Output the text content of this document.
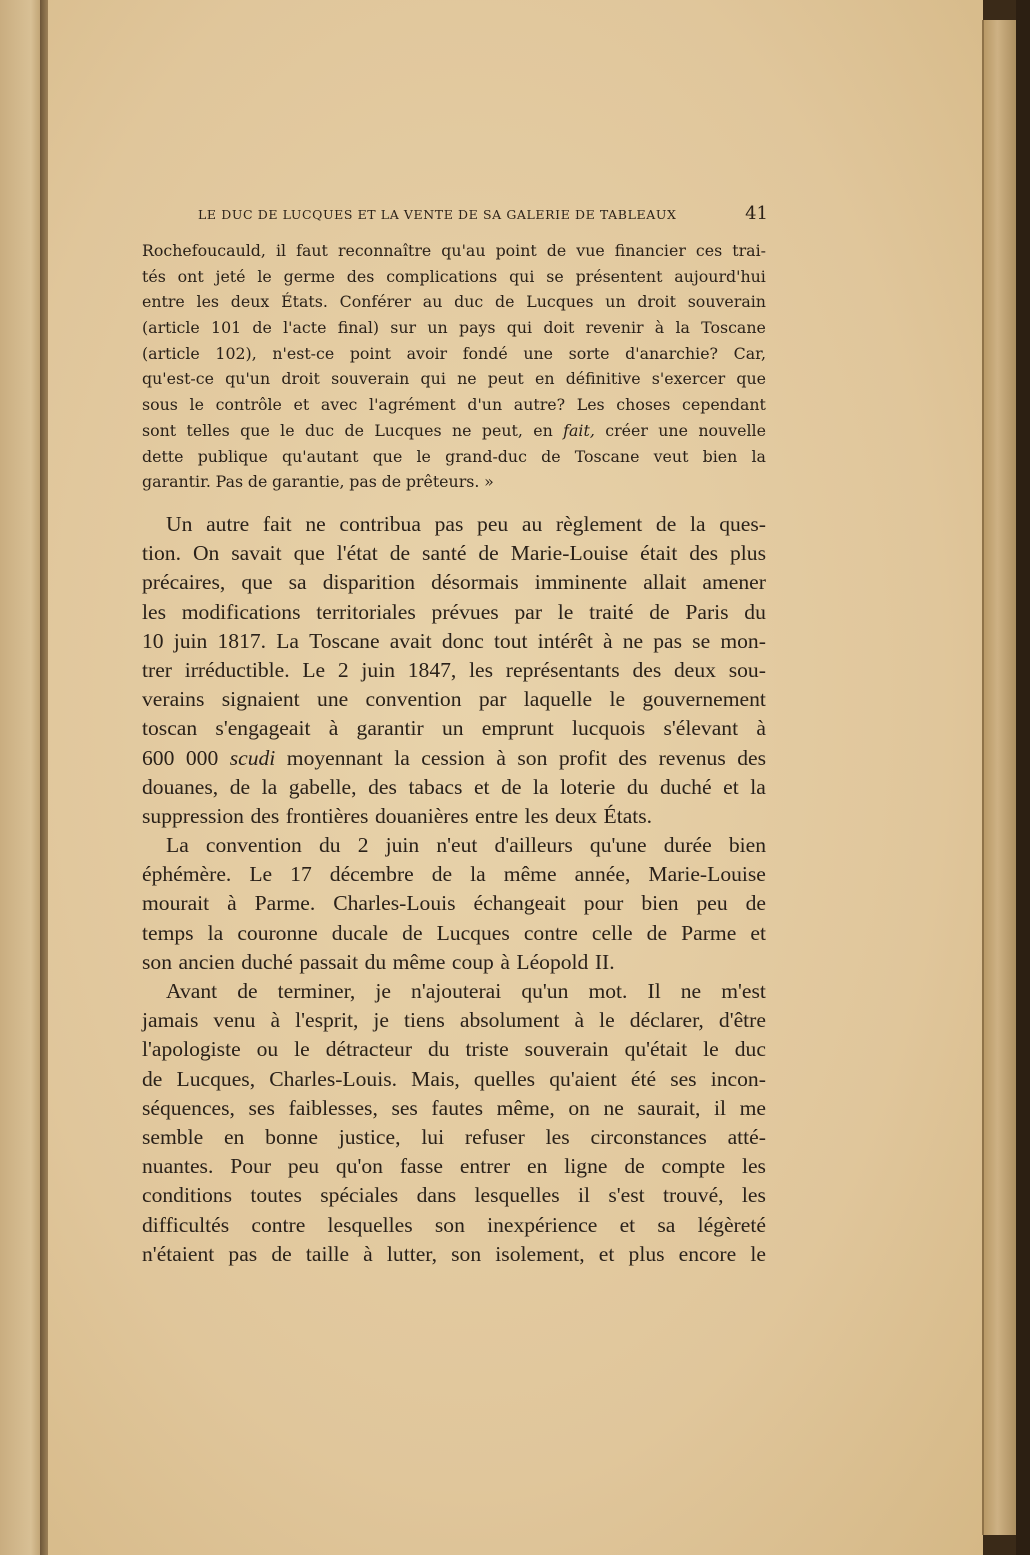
LE DUC DE LUCQUES ET LA VENTE DE SA GALERIE DE TABLEAUX	41
Rochefoucauld, il faut reconnaître qu'au point de vue financier ces trai-
tés ont jeté le germe des complications qui se présentent aujourd'hui
entre les deux États. Conférer au duc de Lucques un droit souverain
(article 101 de l'acte final) sur un pays qui doit revenir à la Toscane
(article 102), n'est-ce point avoir fondé une sorte d'anarchie? Car,
qu'est-ce qu'un droit souverain qui ne peut en définitive s'exercer que
sous le contrôle et avec l'agrément d'un autre? Les choses cependant
sont telles que le duc de Lucques ne peut, en fait, créer une nouvelle
dette publique qu'autant que le grand-duc de Toscane veut bien la
garantir. Pas de garantie, pas de prêteurs. »
Un autre fait ne contribua pas peu au règlement de la ques-
tion. On savait que l'état de santé de Marie-Louise était des plus
précaires, que sa disparition désormais imminente allait amener
les modifications territoriales prévues par le traité de Paris du
10 juin 1817. La Toscane avait donc tout intérêt à ne pas se mon-
trer irréductible. Le 2 juin 1847, les représentants des deux sou-
verains signaient une convention par laquelle le gouvernement
toscan s'engageait à garantir un emprunt lucquois s'élevant à
600 000 scudi moyennant la cession à son profit des revenus des
douanes, de la gabelle, des tabacs et de la loterie du duché et la
suppression des frontières douanières entre les deux États.
La convention du 2 juin n'eut d'ailleurs qu'une durée bien
éphémère. Le 17 décembre de la même année, Marie-Louise
mourait à Parme. Charles-Louis échangeait pour bien peu de
temps la couronne ducale de Lucques contre celle de Parme et
son ancien duché passait du même coup à Léopold II.
Avant de terminer, je n'ajouterai qu'un mot. Il ne m'est
jamais venu à l'esprit, je tiens absolument à le déclarer, d'être
l'apologiste ou le détracteur du triste souverain qu'était le duc
de Lucques, Charles-Louis. Mais, quelles qu'aient été ses incon-
séquences, ses faiblesses, ses fautes même, on ne saurait, il me
semble en bonne justice, lui refuser les circonstances atté-
nuantes. Pour peu qu'on fasse entrer en ligne de compte les
conditions toutes spéciales dans lesquelles il s'est trouvé, les
difficultés contre lesquelles son inexpérience et sa légèreté
n'étaient pas de taille à lutter, son isolement, et plus encore le
